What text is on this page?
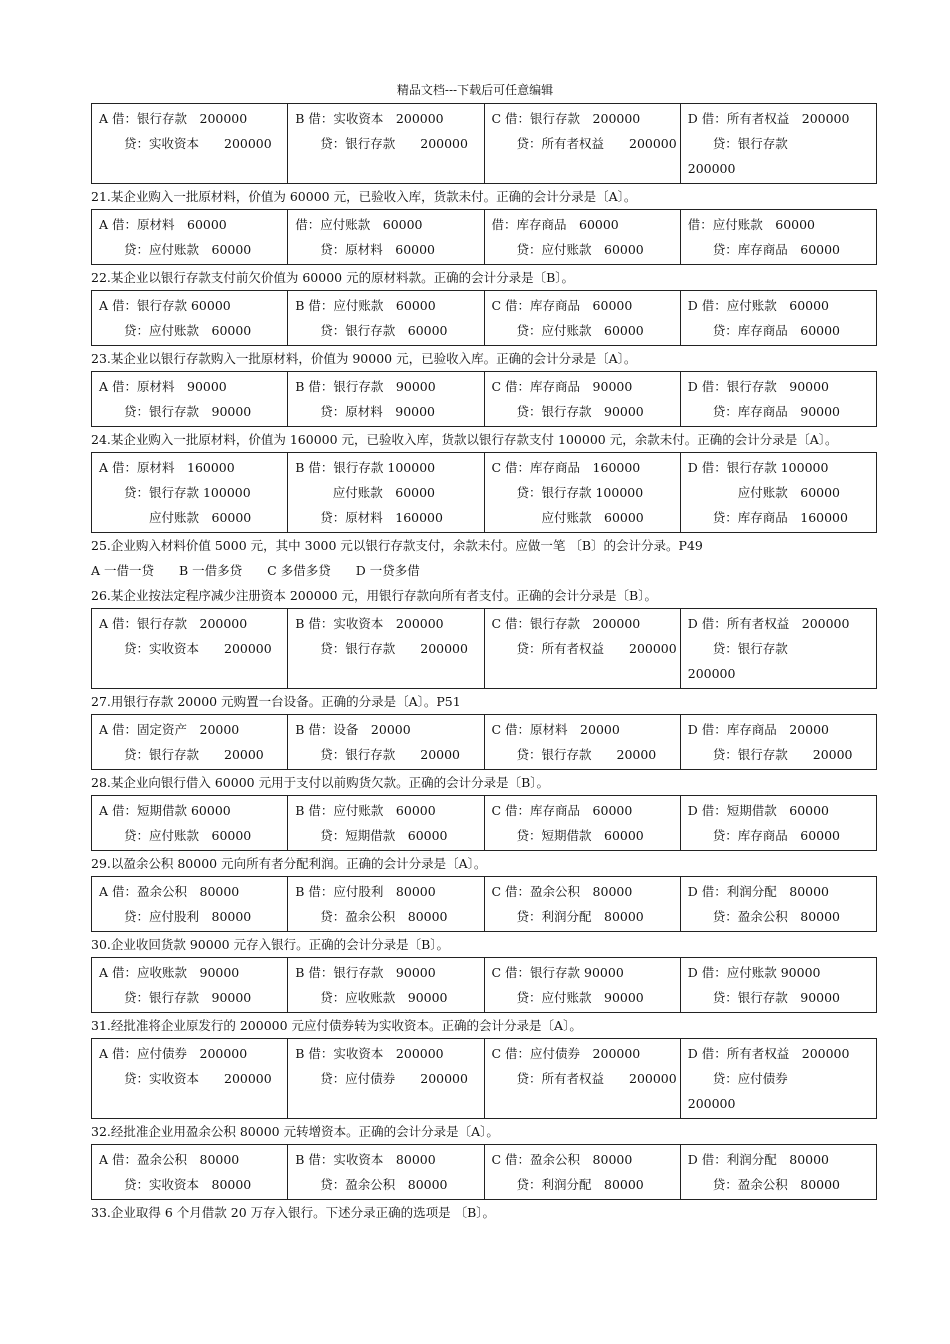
精品文档---下载后可任意编辑
A 借：银行存款　200000
　　贷：实收资本　　200000

B 借：实收资本　200000
　　贷：银行存款　　200000

C 借：银行存款　200000
　　贷：所有者权益　　200000

D 借：所有者权益　200000
　　贷：银行存款
200000

21.某企业购入一批原材料，价值为 60000 元，已验收入库，货款未付。正确的会计分录是〔A〕。

A 借：原材料　60000
　　贷：应付账款　60000

借：应付账款　60000
　　贷：原材料　60000

借：库存商品　60000
　　贷：应付账款　60000

借：应付账款　60000
　　贷：库存商品　60000

22.某企业以银行存款支付前欠价值为 60000 元的原材料款。正确的会计分录是〔B〕。

A 借：银行存款 60000
　　贷：应付账款　60000

B 借：应付账款　60000
　　贷：银行存款　60000

C 借：库存商品　60000
　　贷：应付账款　60000

D 借：应付账款　60000
　　贷：库存商品　60000

23.某企业以银行存款购入一批原材料，价值为 90000 元，已验收入库。正确的会计分录是〔A〕。

A 借：原材料　90000
　　贷：银行存款　90000

B 借：银行存款　90000
　　贷：原材料　90000

C 借：库存商品　90000
　　贷：银行存款　90000

D 借：银行存款　90000
　　贷：库存商品　90000

24.某企业购入一批原材料，价值为 160000 元，已验收入库，货款以银行存款支付 100000 元，余款未付。正确的会计分录是〔A〕。

A 借：原材料　160000
　　贷：银行存款 100000
　　　　应付账款　60000

B 借：银行存款 100000
　　　应付账款　60000
　　贷：原材料　160000

C 借：库存商品　160000
　　贷：银行存款 100000
　　　　应付账款　60000

D 借：银行存款 100000
　　　　应付账款　60000
　　贷：库存商品　160000

25.企业购入材料价值 5000 元，其中 3000 元以银行存款支付，余款未付。应做一笔 〔B〕的会计分录。P49

A 一借一贷　　B 一借多贷　　C 多借多贷　　D 一贷多借

26.某企业按法定程序减少注册资本 200000 元，用银行存款向所有者支付。正确的会计分录是〔B〕。

A 借：银行存款　200000
　　贷：实收资本　　200000

B 借：实收资本　200000
　　贷：银行存款　　200000

C 借：银行存款　200000
　　贷：所有者权益　　200000

D 借：所有者权益　200000
　　贷：银行存款
200000

27.用银行存款 20000 元购置一台设备。正确的分录是〔A〕。P51

A 借：固定资产　20000
　　贷：银行存款　　20000

B 借：设备　20000
　　贷：银行存款　　20000

C 借：原材料　20000
　　贷：银行存款　　20000

D 借：库存商品　20000
　　贷：银行存款　　20000

28.某企业向银行借入 60000 元用于支付以前购货欠款。正确的会计分录是〔B〕。

A 借：短期借款 60000
　　贷：应付账款　60000

B 借：应付账款　60000
　　贷：短期借款　60000

C 借：库存商品　60000
　　贷：短期借款　60000

D 借：短期借款　60000
　　贷：库存商品　60000

29.以盈余公积 80000 元向所有者分配利润。正确的会计分录是〔A〕。

A 借：盈余公积　80000
　　贷：应付股利　80000

B 借：应付股利　80000
　　贷：盈余公积　80000

C 借：盈余公积　80000
　　贷：利润分配　80000

D 借：利润分配　80000
　　贷：盈余公积　80000

30.企业收回货款 90000 元存入银行。正确的会计分录是〔B〕。

A 借：应收账款　90000
　　贷：银行存款　90000

B 借：银行存款　90000
　　贷：应收账款　90000

C 借：银行存款 90000
　　贷：应付账款　90000

D 借：应付账款 90000
　　贷：银行存款　90000

31.经批准将企业原发行的 200000 元应付债券转为实收资本。正确的会计分录是〔A〕。

A 借：应付债券　200000
　　贷：实收资本　　200000

B 借：实收资本　200000
　　贷：应付债券　　200000

C 借：应付债券　200000
　　贷：所有者权益　　200000

D 借：所有者权益　200000
　　贷：应付债券
200000

32.经批准企业用盈余公积 80000 元转增资本。正确的会计分录是〔A〕。

A 借：盈余公积　80000
　　贷：实收资本　80000

B 借：实收资本　80000
　　贷：盈余公积　80000

C 借：盈余公积　80000
　　贷：利润分配　80000

D 借：利润分配　80000
　　贷：盈余公积　80000

33.企业取得 6 个月借款 20 万存入银行。下述分录正确的选项是 〔B〕。
